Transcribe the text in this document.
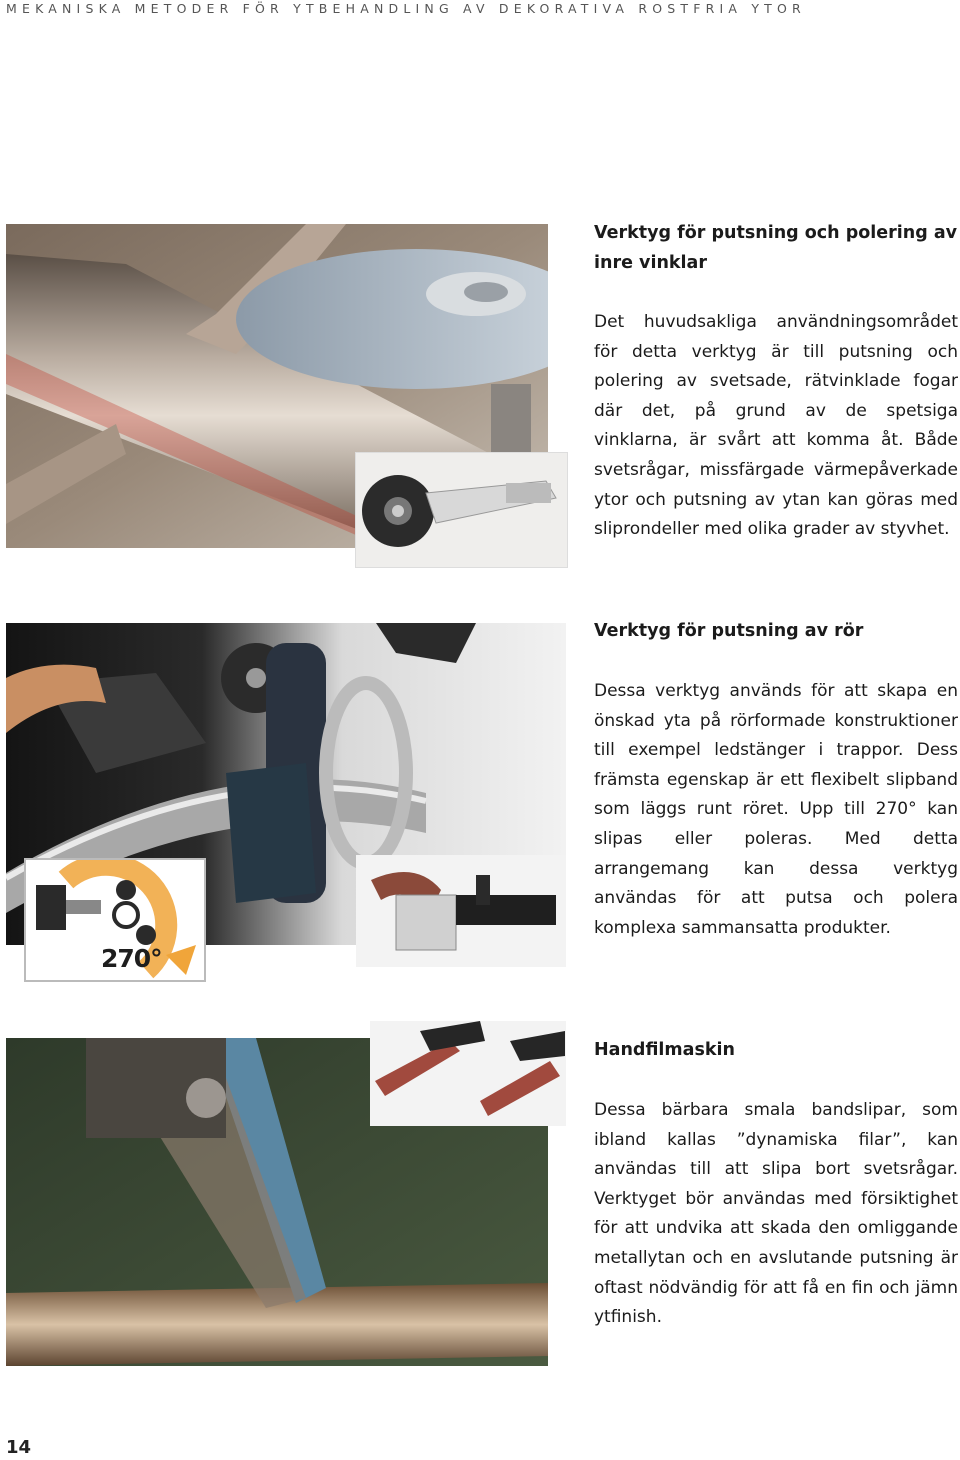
MEKANISKA METODER FÖR YTBEHANDLING AV DEKORATIVA ROSTFRIA YTOR
Verktyg för putsning och polering av inre vinklar

Det huvudsakliga användningsområdet för detta verktyg är till putsning och polering av svetsade, rätvinklade fogar där det, på grund av de spetsiga vinklarna, är svårt att komma åt. Både svetsrågar, missfärgade värmepåverkade ytor och putsning av ytan kan göras med sliprondeller med olika grader av styvhet.

270°
Verktyg för putsning av rör

Dessa verktyg används för att skapa en önskad yta på rörformade konstruktioner till exempel ledstänger i trappor. Dess främsta egenskap är ett flexibelt slipband som läggs runt röret. Upp till 270° kan slipas eller poleras. Med detta arrangemang kan dessa verktyg användas för att putsa och polera komplexa sammansatta produkter.

Handfilmaskin

Dessa bärbara smala bandslipar, som ibland kallas ”dynamiska filar”, kan användas till att slipa bort svetsrågar. Verktyget bör användas med försiktighet för att undvika att skada den omliggande metallytan och en avslutande putsning är oftast nödvändig för att få en fin och jämn ytfinish.

14
